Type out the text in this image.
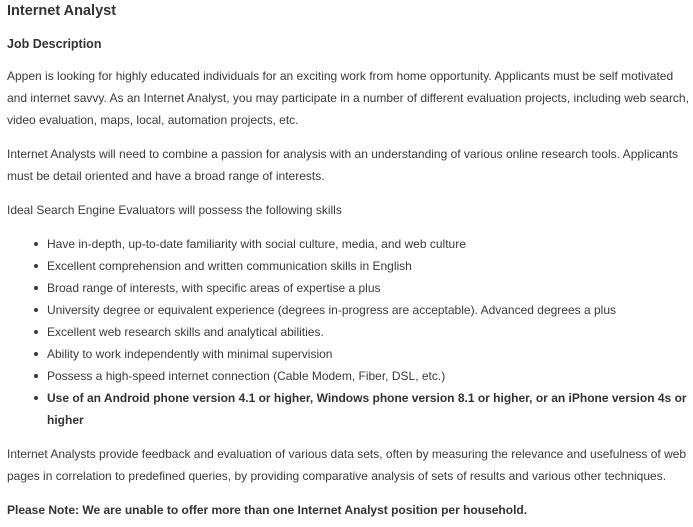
Internet Analyst
Job Description

Appen is looking for highly educated individuals for an exciting work from home opportunity. Applicants must be self motivated and internet savvy. As an Internet Analyst, you may participate in a number of different evaluation projects, including web search, video evaluation, maps, local, automation projects, etc.

Internet Analysts will need to combine a passion for analysis with an understanding of various online research tools. Applicants must be detail oriented and have a broad range of interests.

Ideal Search Engine Evaluators will possess the following skills

Have in-depth, up-to-date familiarity with social culture, media, and web culture
Excellent comprehension and written communication skills in English
Broad range of interests, with specific areas of expertise a plus
University degree or equivalent experience (degrees in-progress are acceptable). Advanced degrees a plus
Excellent web research skills and analytical abilities.
Ability to work independently with minimal supervision
Possess a high-speed internet connection (Cable Modem, Fiber, DSL, etc.)
Use of an Android phone version 4.1 or higher, Windows phone version 8.1 or higher, or an iPhone version 4s or higher

Internet Analysts provide feedback and evaluation of various data sets, often by measuring the relevance and usefulness of web pages in correlation to predefined queries, by providing comparative analysis of sets of results and various other techniques.

Please Note: We are unable to offer more than one Internet Analyst position per household.
